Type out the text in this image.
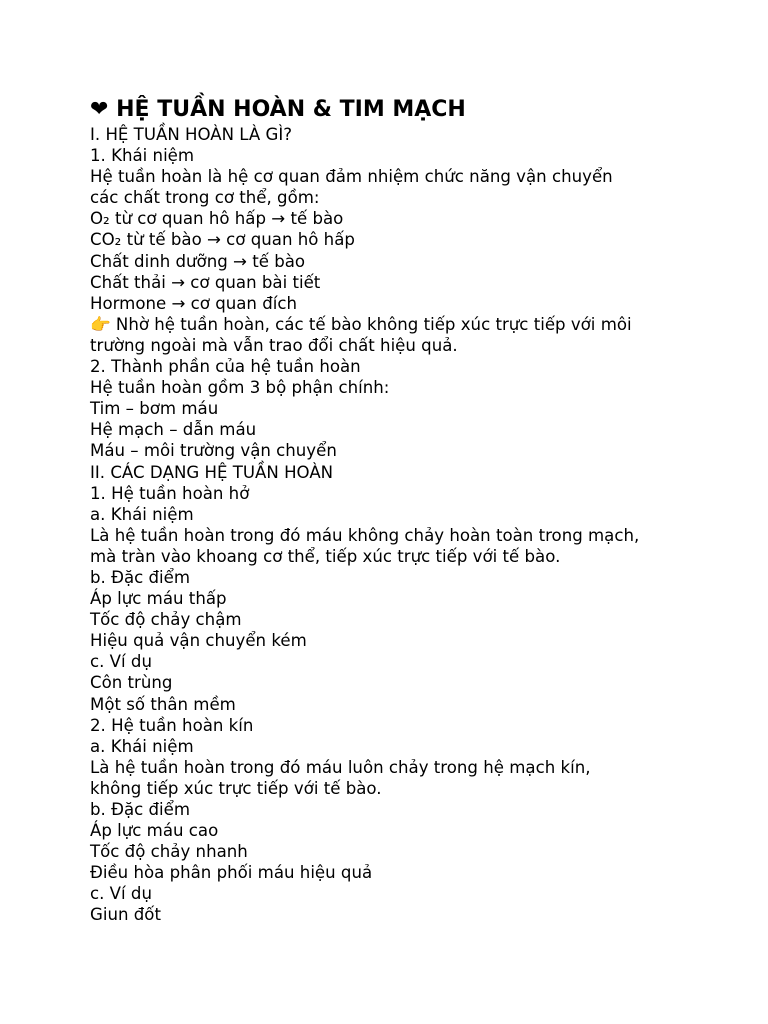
❤ HỆ TUẦN HOÀN & TIM MẠCH
I. HỆ TUẦN HOÀN LÀ GÌ?
1. Khái niệm
Hệ tuần hoàn là hệ cơ quan đảm nhiệm chức năng vận chuyển
các chất trong cơ thể, gồm:
O₂ từ cơ quan hô hấp → tế bào
CO₂ từ tế bào → cơ quan hô hấp
Chất dinh dưỡng → tế bào
Chất thải → cơ quan bài tiết
Hormone → cơ quan đích
👉 Nhờ hệ tuần hoàn, các tế bào không tiếp xúc trực tiếp với môi
trường ngoài mà vẫn trao đổi chất hiệu quả.
2. Thành phần của hệ tuần hoàn
Hệ tuần hoàn gồm 3 bộ phận chính:
Tim – bơm máu
Hệ mạch – dẫn máu
Máu – môi trường vận chuyển
II. CÁC DẠNG HỆ TUẦN HOÀN
1. Hệ tuần hoàn hở
a. Khái niệm
Là hệ tuần hoàn trong đó máu không chảy hoàn toàn trong mạch,
mà tràn vào khoang cơ thể, tiếp xúc trực tiếp với tế bào.
b. Đặc điểm
Áp lực máu thấp
Tốc độ chảy chậm
Hiệu quả vận chuyển kém
c. Ví dụ
Côn trùng
Một số thân mềm
2. Hệ tuần hoàn kín
a. Khái niệm
Là hệ tuần hoàn trong đó máu luôn chảy trong hệ mạch kín,
không tiếp xúc trực tiếp với tế bào.
b. Đặc điểm
Áp lực máu cao
Tốc độ chảy nhanh
Điều hòa phân phối máu hiệu quả
c. Ví dụ
Giun đốt
